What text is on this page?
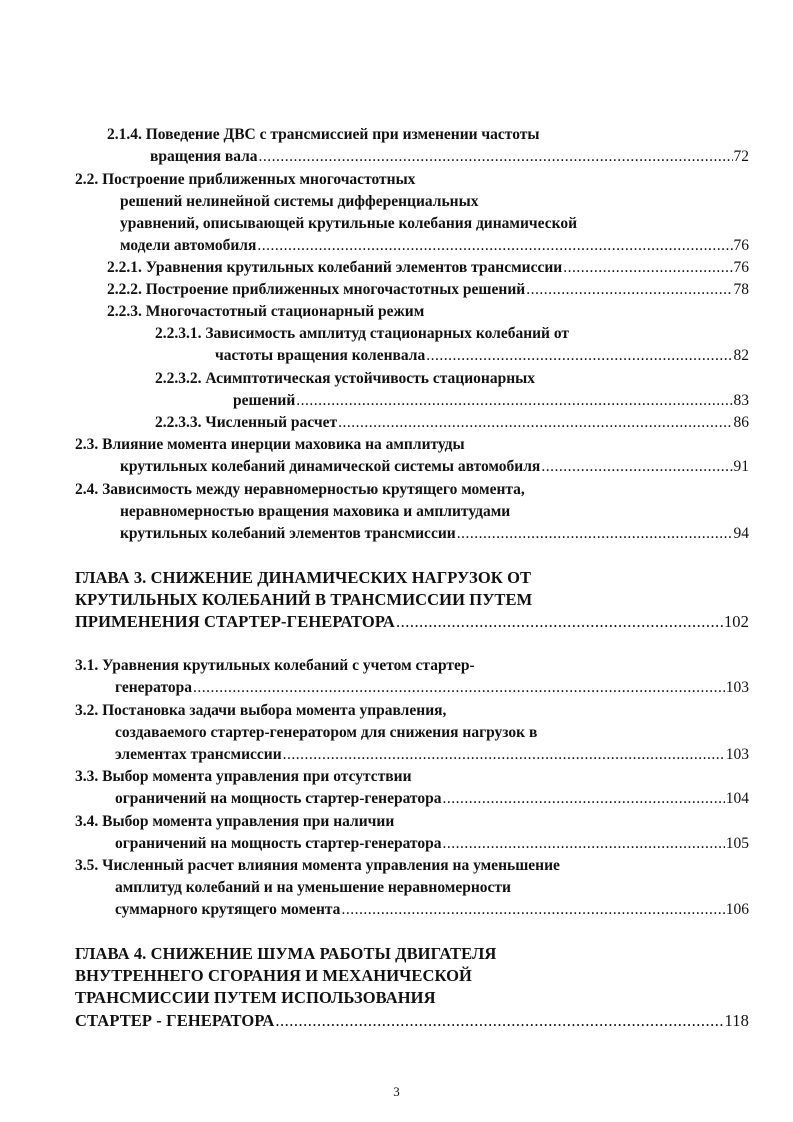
2.1.4. Поведение ДВС с трансмиссией при изменении частоты
вращения вала .....	72
2.2. Построение приближенных многочастотных
решений нелинейной системы дифференциальных
уравнений, описывающей крутильные колебания динамической
модели автомобиля .....	76
2.2.1. Уравнения крутильных колебаний элементов трансмиссии .....	76
2.2.2. Построение приближенных многочастотных решений .....	78
2.2.3. Многочастотный стационарный режим
2.2.3.1. Зависимость амплитуд стационарных колебаний от
частоты вращения коленвала .....	82
2.2.3.2. Асимптотическая устойчивость стационарных
решений .....	83
2.2.3.3. Численный расчет .....	86
2.3. Влияние момента инерции маховика на амплитуды
крутильных колебаний динамической системы автомобиля .....	91
2.4. Зависимость между неравномерностью крутящего момента,
неравномерностью вращения маховика и амплитудами
крутильных колебаний элементов трансмиссии .....	94
ГЛАВА 3. СНИЖЕНИЕ ДИНАМИЧЕСКИХ НАГРУЗОК ОТ
КРУТИЛЬНЫХ КОЛЕБАНИЙ В ТРАНСМИССИИ ПУТЕМ
ПРИМЕНЕНИЯ СТАРТЕР-ГЕНЕРАТОРА .....	102
3.1. Уравнения крутильных колебаний с учетом стартер-
генератора .....	103
3.2. Постановка задачи выбора момента управления,
создаваемого стартер-генератором для снижения нагрузок в
элементах трансмиссии .....	103
3.3. Выбор момента управления при отсутствии
ограничений на мощность стартер-генератора .....	104
3.4. Выбор момента управления при наличии
ограничений на мощность стартер-генератора .....	105
3.5. Численный расчет влияния момента управления на уменьшение
амплитуд колебаний и на уменьшение неравномерности
суммарного крутящего момента .....	106
ГЛАВА 4. СНИЖЕНИЕ ШУМА РАБОТЫ ДВИГАТЕЛЯ
ВНУТРЕННЕГО СГОРАНИЯ И МЕХАНИЧЕСКОЙ
ТРАНСМИССИИ ПУТЕМ ИСПОЛЬЗОВАНИЯ
СТАРТЕР - ГЕНЕРАТОРА .....	118
3
